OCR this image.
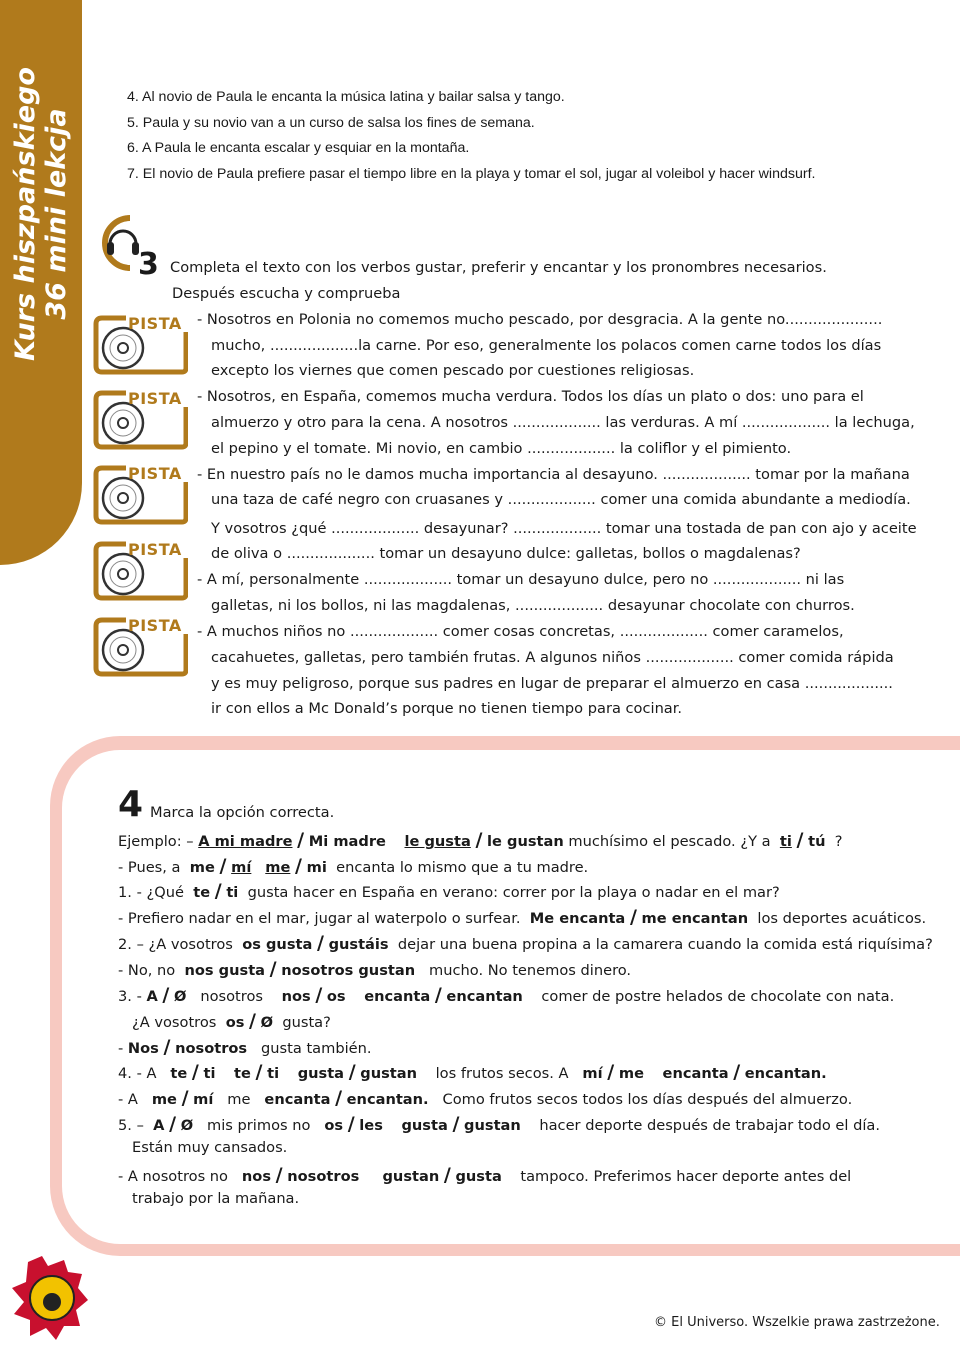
Kurs hiszpańskiego 36 mini lekcja
4. Al novio de Paula le encanta la música latina y bailar salsa y tango.
5. Paula y su novio van a un curso de salsa los fines de semana.
6. A Paula le encanta escalar y esquiar en la montaña.
7. El novio de Paula prefiere pasar el tiempo libre en la playa y tomar el sol, jugar al voleibol y hacer windsurf.
3 Completa el texto con los verbos gustar, preferir y encantar y los pronombres necesarios.
Después escucha y comprueba
PISTA
PISTA
PISTA
PISTA
PISTA
- Nosotros en Polonia no comemos mucho pescado, por desgracia. A la gente no.....................
mucho, ...................la carne. Por eso, generalmente los polacos comen carne todos los días
excepto los viernes que comen pescado por cuestiones religiosas.
- Nosotros, en España, comemos mucha verdura. Todos los días un plato o dos: uno para el
almuerzo y otro para la cena. A nosotros ................... las verduras. A mí ................... la lechuga,
el pepino y el tomate. Mi novio, en cambio ................... la coliflor y el pimiento.
- En nuestro país no le damos mucha importancia al desayuno. ................... tomar por la mañana
una taza de café negro con cruasanes y ................... comer una comida abundante a mediodía.
Y vosotros ¿qué ................... desayunar? ................... tomar una tostada de pan con ajo y aceite
de oliva o ................... tomar un desayuno dulce: galletas, bollos o magdalenas?
- A mí, personalmente ................... tomar un desayuno dulce, pero no ................... ni las
galletas, ni los bollos, ni las magdalenas, ................... desayunar chocolate con churros.
- A muchos niños no ................... comer cosas concretas, ................... comer caramelos,
cacahuetes, galletas, pero también frutas. A algunos niños ................... comer comida rápida
y es muy peligroso, porque sus padres en lugar de preparar el almuerzo en casa ...................
ir con ellos a Mc Donald’s porque no tienen tiempo para cocinar.
4 Marca la opción correcta.
Ejemplo: – A mi madre / Mi madre le gusta / le gustan muchísimo el pescado. ¿Y a ti / tú ?
- Pues, a me / mí me / mi encanta lo mismo que a tu madre.
1. - ¿Qué te / ti gusta hacer en España en verano: correr por la playa o nadar en el mar?
- Prefiero nadar en el mar, jugar al waterpolo o surfear. Me encanta / me encantan los deportes acuáticos.
2. – ¿A vosotros os gusta / gustáis dejar una buena propina a la camarera cuando la comida está riquísima?
- No, no nos gusta / nosotros gustan mucho. No tenemos dinero.
3. - A / Ø nosotros nos / os encanta / encantan comer de postre helados de chocolate con nata.
¿A vosotros os / Ø gusta?
- Nos / nosotros gusta también.
4. - A te / ti te / ti gusta / gustan los frutos secos. A mí / me encanta / encantan.
- A me / mí me encanta / encantan. Como frutos secos todos los días después del almuerzo.
5. – A / Ø mis primos no os / les gusta / gustan hacer deporte después de trabajar todo el día.
Están muy cansados.
- A nosotros no nos / nosotros gustan / gusta tampoco. Preferimos hacer deporte antes del
trabajo por la mañana.
© El Universo. Wszelkie prawa zastrzeżone.
